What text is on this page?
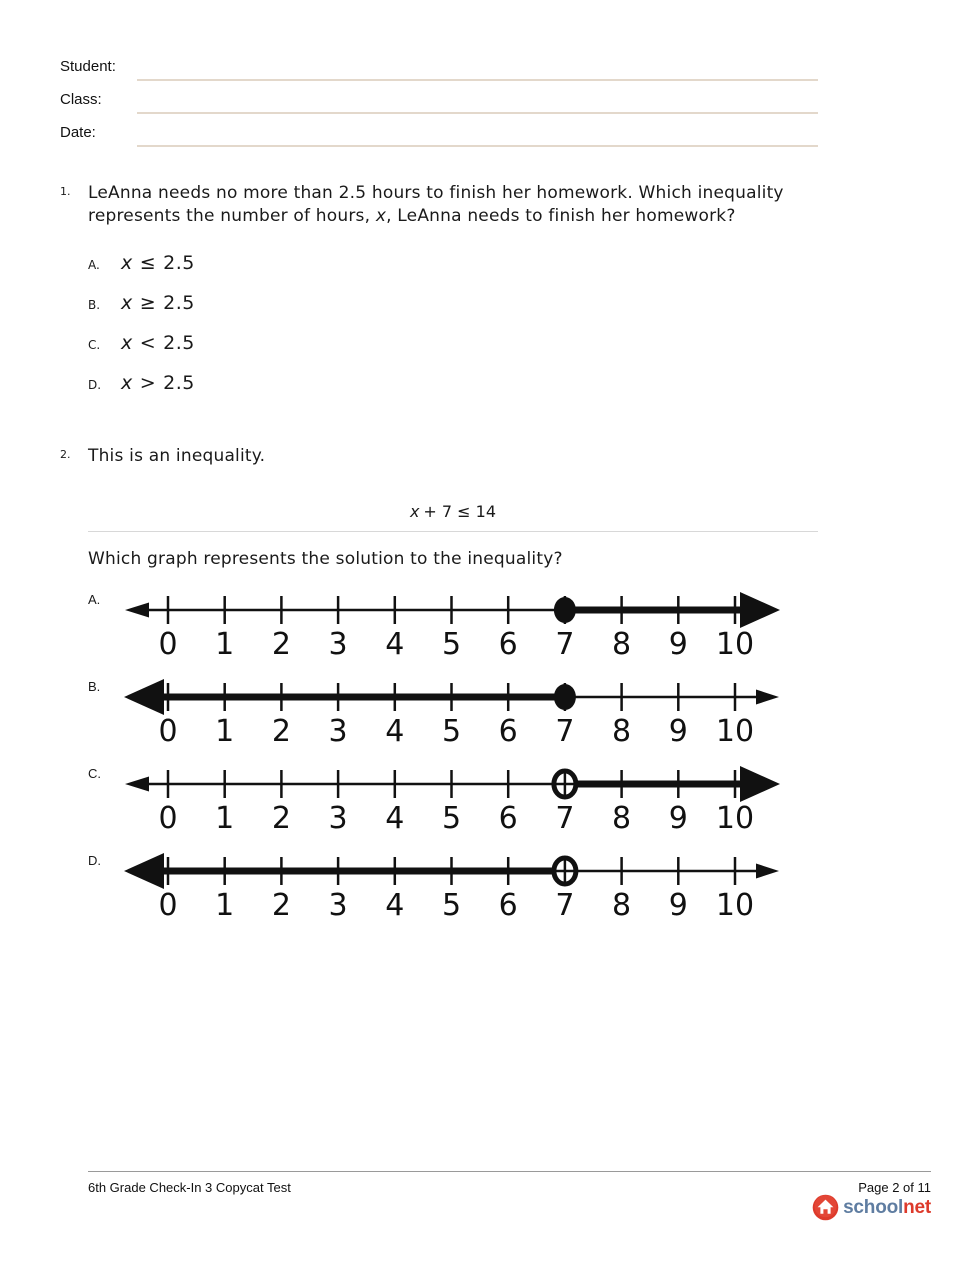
Student:
Class:
Date:
1.	LeAnna needs no more than 2.5 hours to finish her homework. Which inequality represents the number of hours, x, LeAnna needs to finish her homework?

A.	x ≤ 2.5
B.	x ≥ 2.5
C.	x < 2.5
D.	x > 2.5
2.	This is an inequality.

x + 7 ≤ 14

Which graph represents the solution to the inequality?

A.
0 1 2 3 4 5 6 7 8 9 10
B.
0 1 2 3 4 5 6 7 8 9 10
C.
0 1 2 3 4 5 6 7 8 9 10
D.
0 1 2 3 4 5 6 7 8 9 10
6th Grade Check-In 3 Copycat Test	Page 2 of 11
schoolnet
